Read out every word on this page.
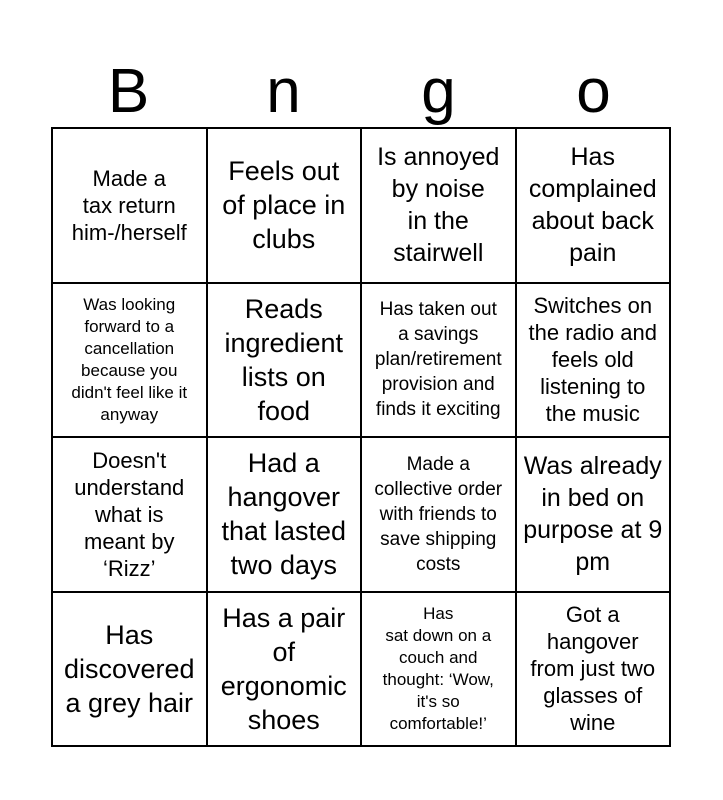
B	n	g	o
Made a
tax return
him-/herself
Feels out
of place in
clubs
Is annoyed
by noise
in the
stairwell
Has
complained
about back
pain
Was looking
forward to a
cancellation
because you
didn't feel like it
anyway
Reads
ingredient
lists on
food
Has taken out
a savings
plan/retirement
provision and
finds it exciting
Switches on
the radio and
feels old
listening to
the music
Doesn't
understand
what is
meant by
‘Rizz’
Had a
hangover
that lasted
two days
Made a
collective order
with friends to
save shipping
costs
Was already
in bed on
purpose at 9
pm
Has
discovered
a grey hair
Has a pair
of
ergonomic
shoes
Has
sat down on a
couch and
thought: ‘Wow,
it's so
comfortable!’
Got a
hangover
from just two
glasses of
wine
